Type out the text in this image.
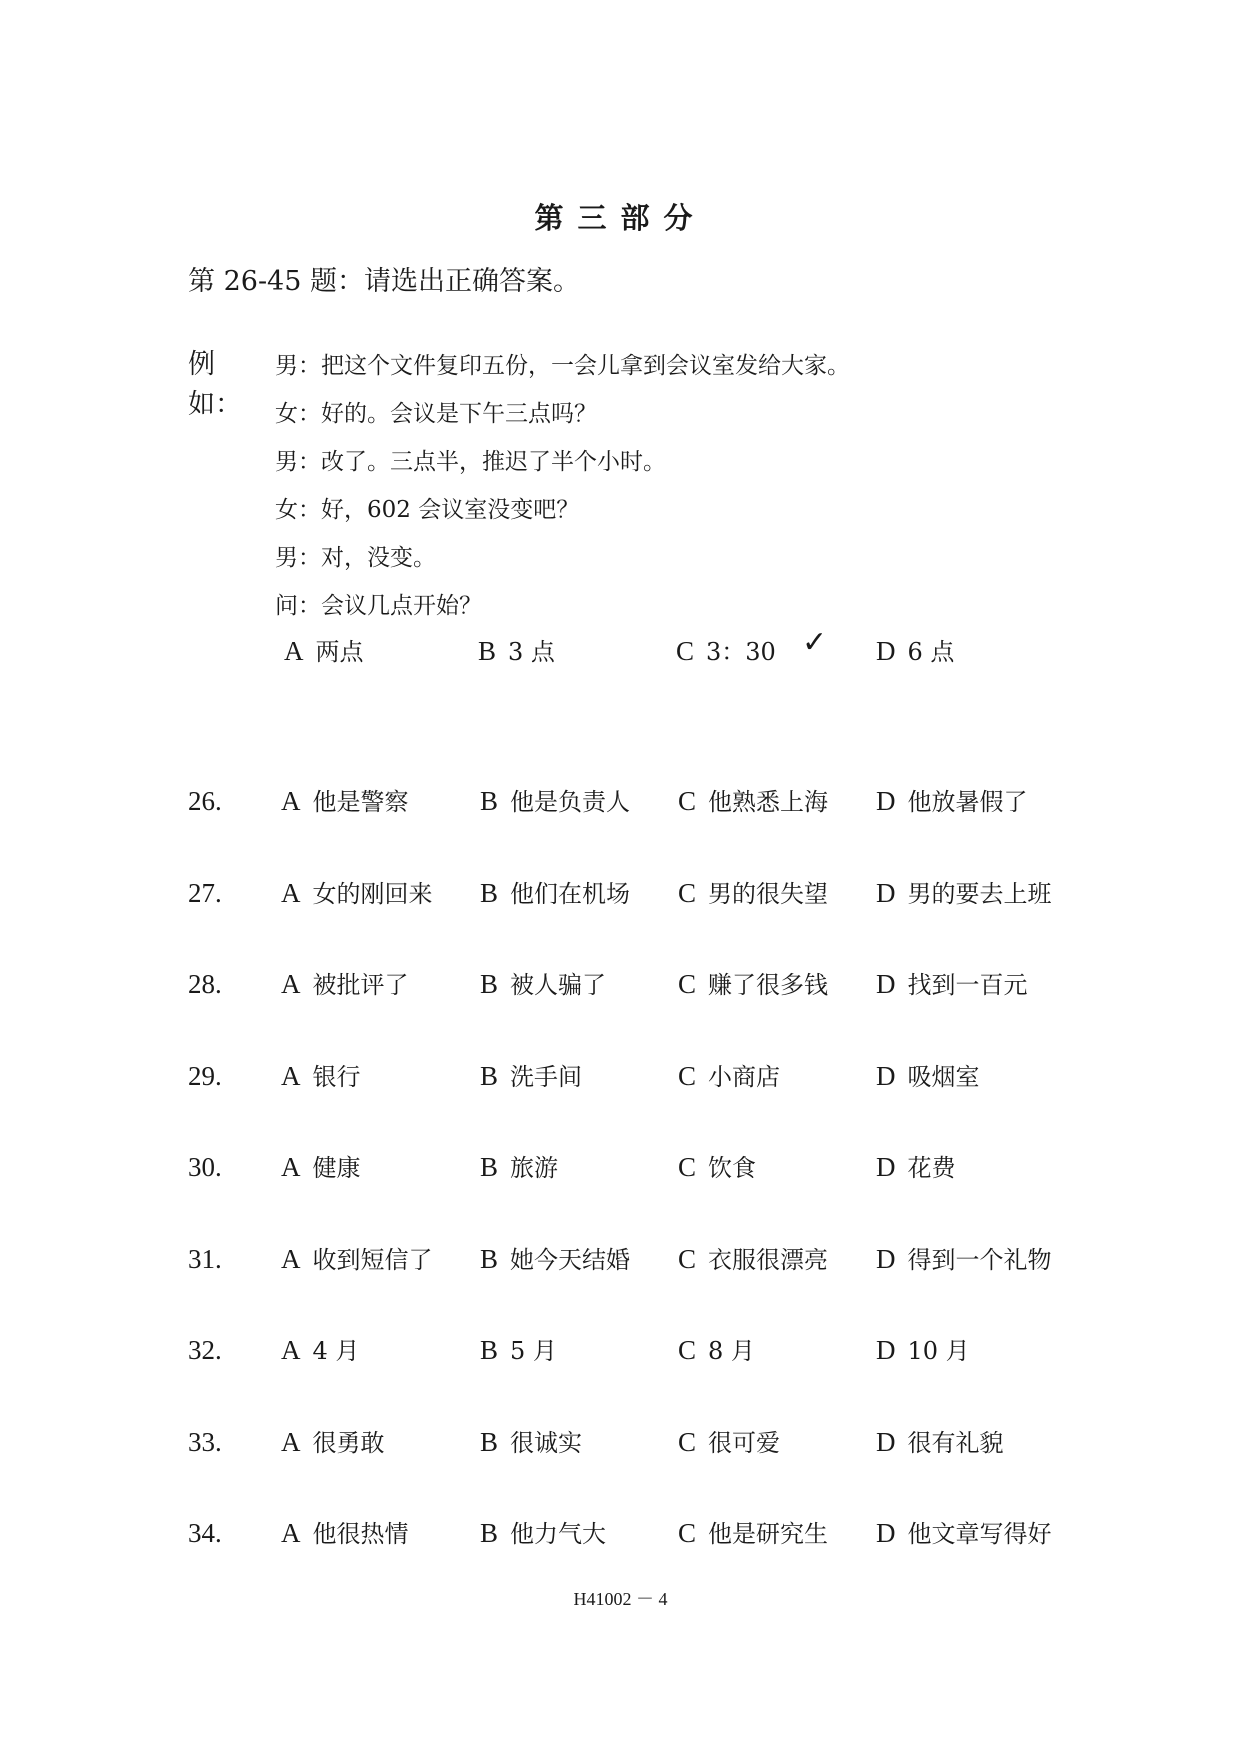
第三部分
第 26-45 题：请选出正确答案。
例如：
男：把这个文件复印五份，一会儿拿到会议室发给大家。
女：好的。会议是下午三点吗？
男：改了。三点半，推迟了半个小时。
女：好，602 会议室没变吧？
男：对，没变。
问：会议几点开始？
A 两点	B 3 点	C 3：30 ✓ D 6 点
26. A 他是警察	B 他是负责人 C 他熟悉上海 D 他放暑假了
27. A 女的刚回来 B 他们在机场 C 男的很失望 D 男的要去上班
28. A 被批评了	B 被人骗了	C 赚了很多钱 D 找到一百元
29. A 银行	B 洗手间	C 小商店	D 吸烟室
30. A 健康	B 旅游	C 饮食	D 花费
31. A 收到短信了 B 她今天结婚 C 衣服很漂亮 D 得到一个礼物
32. A 4 月	B 5 月	C 8 月	D 10 月
33. A 很勇敢	B 很诚实	C 很可爱	D 很有礼貌
34. A 他很热情	B 他力气大	C 他是研究生 D 他文章写得好
H41002 － 4
